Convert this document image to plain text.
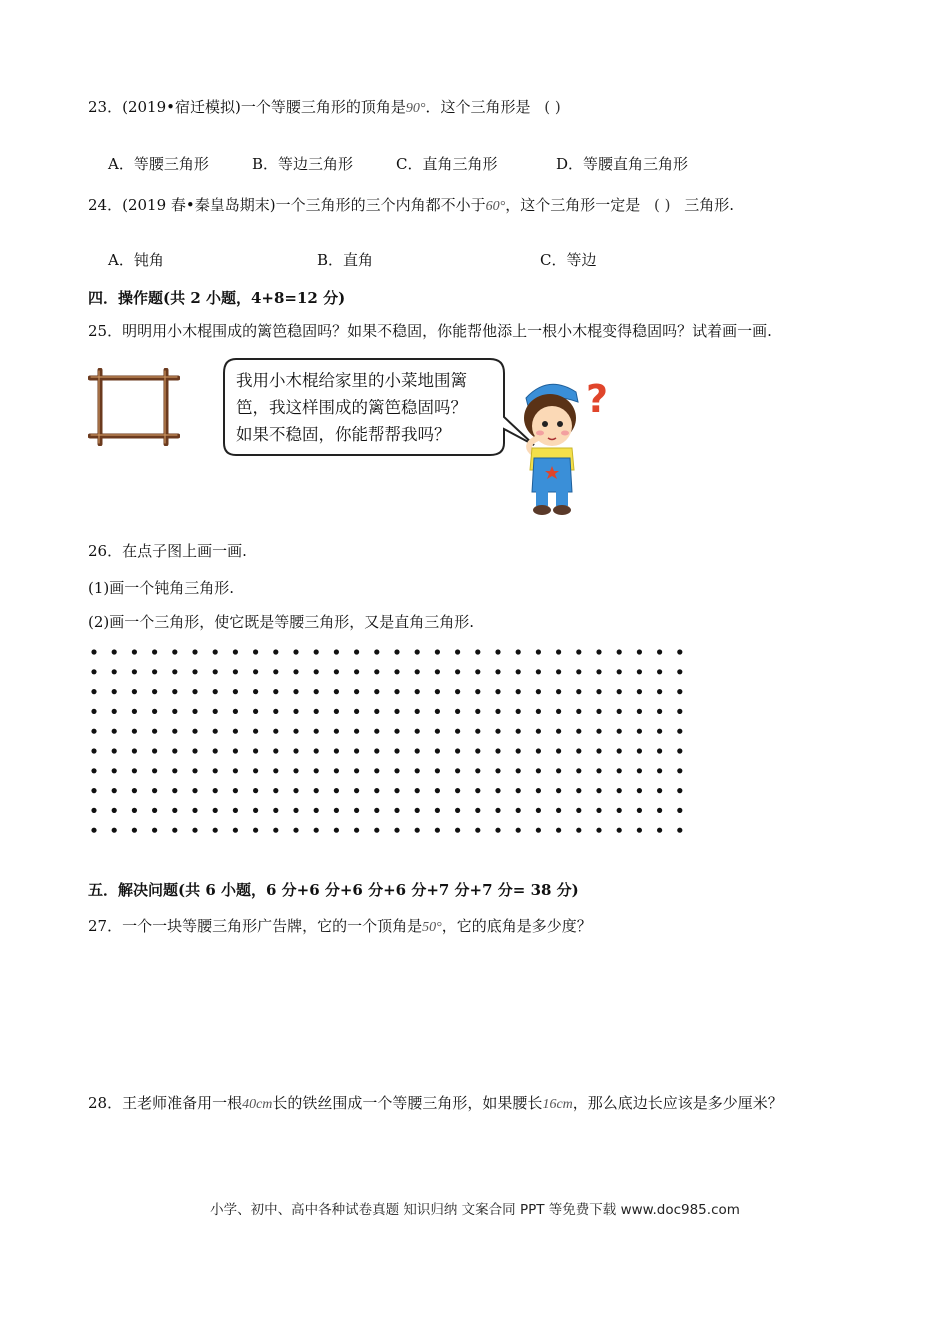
23．(2019•宿迁模拟)一个等腰三角形的顶角是90°．这个三角形是 ( )
A．等腰三角形	B．等边三角形	C．直角三角形	D．等腰直角三角形
24．(2019 春•秦皇岛期末)一个三角形的三个内角都不小于60°，这个三角形一定是 ( ) 三角形.
A．钝角	B．直角	C．等边
四．操作题(共 2 小题，4+8=12 分)
25．明明用小木棍围成的篱笆稳固吗？如果不稳固，你能帮他添上一根小木棍变得稳固吗？试着画一画.
我用小木棍给家里的小菜地围篱
笆，我这样围成的篱笆稳固吗？
如果不稳固，你能帮帮我吗？
?
26．在点子图上画一画.
(1)画一个钝角三角形.
(2)画一个三角形，使它既是等腰三角形，又是直角三角形.
五．解决问题(共 6 小题，6 分+6 分+6 分+6 分+7 分+7 分= 38 分)
27．一个一块等腰三角形广告牌，它的一个顶角是50°，它的底角是多少度？
28．王老师准备用一根40cm长的铁丝围成一个等腰三角形，如果腰长16cm，那么底边长应该是多少厘米？
小学、初中、高中各种试卷真题 知识归纳 文案合同 PPT 等免费下载 www.doc985.com
